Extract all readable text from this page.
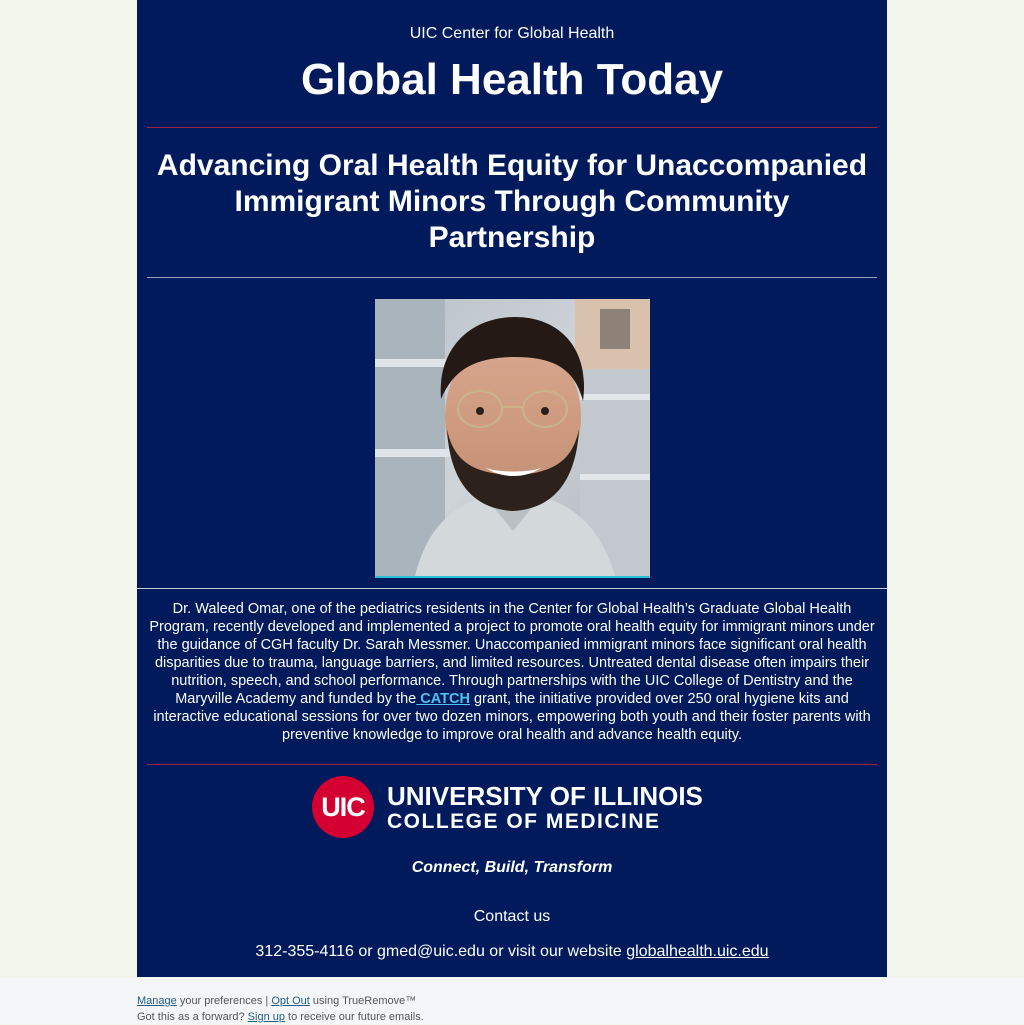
UIC Center for Global Health
Global Health Today
Advancing Oral Health Equity for Unaccompanied Immigrant Minors Through Community Partnership
Dr. Waleed Omar, one of the pediatrics residents in the Center for Global Health’s Graduate Global Health Program, recently developed and implemented a project to promote oral health equity for immigrant minors under the guidance of CGH faculty Dr. Sarah Messmer. Unaccompanied immigrant minors face significant oral health disparities due to trauma, language barriers, and limited resources. Untreated dental disease often impairs their nutrition, speech, and school performance. Through partnerships with the UIC College of Dentistry and the Maryville Academy and funded by the CATCH grant, the initiative provided over 250 oral hygiene kits and interactive educational sessions for over two dozen minors, empowering both youth and their foster parents with preventive knowledge to improve oral health and advance health equity.
UIC UNIVERSITY OF ILLINOIS
COLLEGE OF MEDICINE
Connect, Build, Transform
Contact us
312-355-4116 or gmed@uic.edu or visit our website globalhealth.uic.edu
Manage your preferences | Opt Out using TrueRemove™
Got this as a forward? Sign up to receive our future emails.
